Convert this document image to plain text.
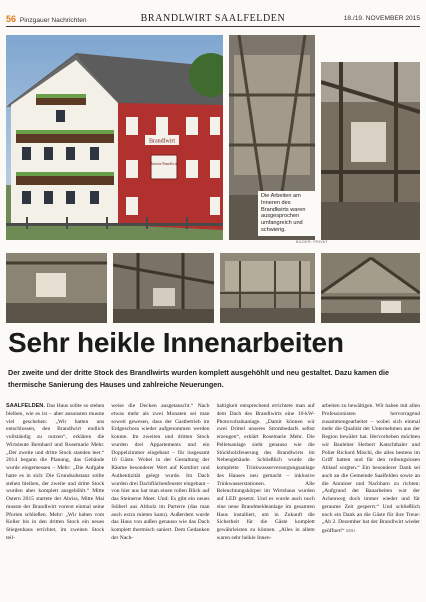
56 Pinzgauer Nachrichten	BRANDLWIRT SAALFELDEN	18./19. NOVEMBER 2015
Brandlwirt
Bierone Brandlwirt
Die Arbeiten am Inneren des Brandlwirts waren ausgesprochen umfangreich und schwierig.
BILDER: PRIVAT
Sehr heikle Innenarbeiten
Der zweite und der dritte Stock des Brandlwirts wurden komplett ausgehöhlt und neu gestaltet. Dazu kamen die thermische Sanierung des Hauses und zahlreiche Neuerungen.
SAALFELDEN. Das Haus sollte so stehen bleiben, wie es ist – aber ansonsten musste viel geschehen: „Wir hatten uns entschlossen, den Brandlwirt endlich vollständig zu nutzen“, erklären die Wirtsleute Bernhard und Rosemarie Mehr. „Der zweite und dritte Stock standen leer.“ 2014 begann die Planung, das Gebäude wurde eingemessen – Mehr: „Die Aufgabe hatte es in sich: Die Grundsubstanz sollte stehen bleiben, der zweite und dritte Stock wurden aber komplett ausgehöhlt.“ Mitte Ostern 2015 startete der Abriss, Mitte Mai musste der Brandlwirt vorerst einmal seine Pforten schließen. Mehr: „Wir haben vom Keller bis in den dritten Stock ein neues Stiegenhaus errichtet, im zweiten Stock teil-
weise die Decken ausgetauscht.“ Nach etwas mehr als zwei Monaten sei man soweit gewesen, dass der Gastbetrieb im Erdgeschoss wieder aufgenommen werden konnte. Im zweiten und dritten Stock wurden drei Appartements und ein Doppelzimmer eingebaut – für insgesamt 16 Gäste. Wobei in der Gestaltung der Räume besonderer Wert auf Komfort und Authentizität gelegt wurde. Im Dach wurden drei Dachflächenfenster eingebaut – von hier aus hat man einen tollen Blick auf das Steinerne Meer. Und: Es gibt ein neues Stüberl aus Altholz im Parterre (das man auch extra mieten kann). Außerdem wurde das Haus von außen genauso wie das Dach komplett thermisch saniert. Dem Gedanken der Nach-
haltigkeit entsprechend errichtete man auf dem Dach des Brandlwirts eine 10-kW-Photovoltaikanlage. „Damit können wir zwei Drittel unseres Strombedarfs selbst erzeugen“, erklärt Rosemarie Mehr. Die Pelletsanlage sieht genauso wie die Stückholzfeuerung des Brandlwirts im Nebengebäude. Schließlich wurde die komplette Trinkwasserversorgungsanlage des Hauses neu gemacht – inklusive Trinkwasserstationen. Alle Beleuchtungskörper im Wirtshaus wurden auf LED gesetzt. Und es wurde auch noch eine neue Brandmeldeanlage im gesamten Haus installiert, um in Zukunft die Sicherheit für die Gäste komplett gewährleisten zu können. „Alles in allem waren sehr heikle Innen-
arbeiten zu bewältigen. Wir haben mit allen Professionisten hervorragend zusammengearbeitet – wobei sich einmal mehr die Qualität der Unternehmen aus der Region bewährt hat. Hervorheben möchten wir Bauleiter Herbert Katschthaler und Polier Richard Mischi, die alles bestens im Griff hatten und für den reibungslosen Ablauf sorgten.“ Ein besonderer Dank sei auch an die Gemeinde Saalfelden sowie an die Anrainer und Nachbarn zu richten: „Aufgrund der Bauarbeiten war der Achenweg doch immer wieder und für geraume Zeit gesperrt.“ Und schließlich noch ein Dank an die Gäste für ihre Treue: „Ab 2. Dezember hat der Brandlwirt wieder geöffnet!“ SOU
